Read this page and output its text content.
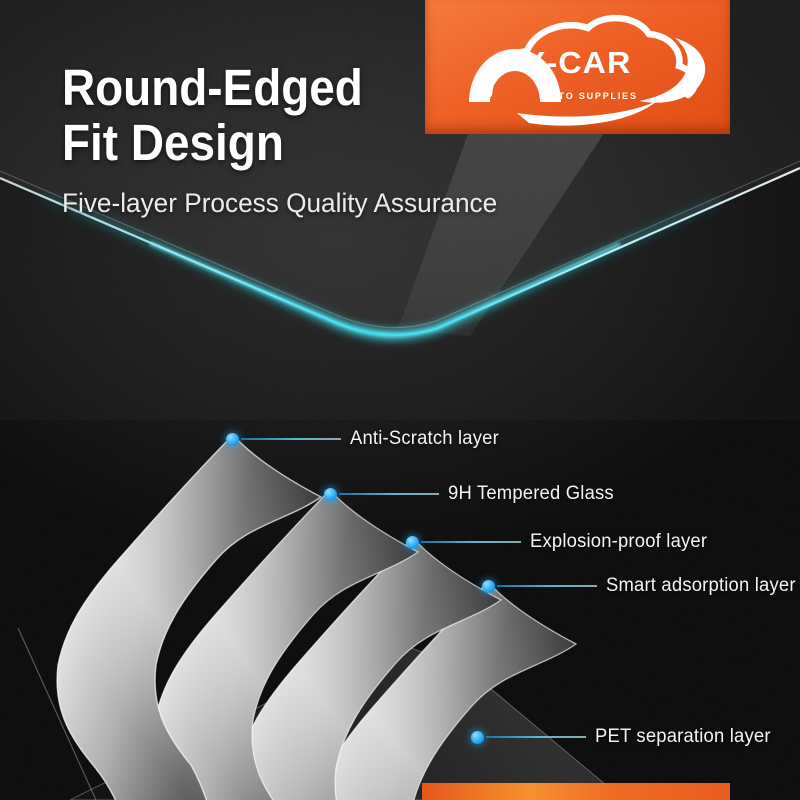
X-CAR
AUTO SUPPLIES
Round-Edged
Fit Design
Five-layer Process Quality Assurance
Anti-Scratch layer
9H Tempered Glass
Explosion-proof layer
Smart adsorption layer
PET separation layer
